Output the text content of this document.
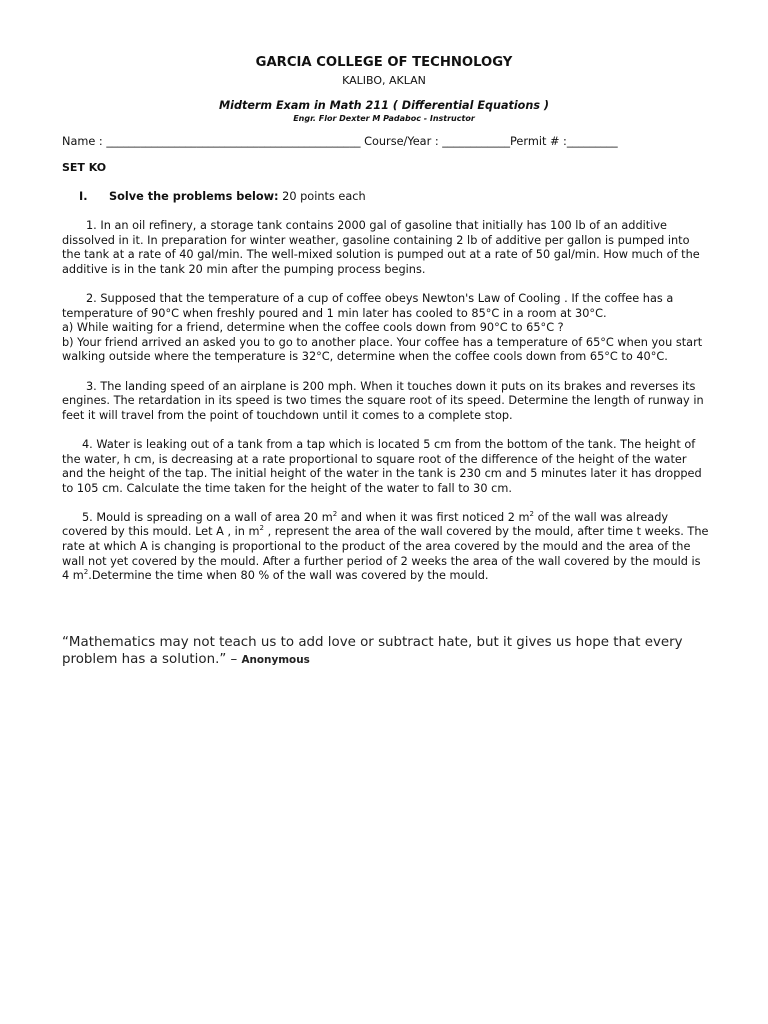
GARCIA COLLEGE OF TECHNOLOGY
KALIBO, AKLAN
Midterm Exam in Math 211 ( Differential Equations )
Engr. Flor Dexter M Padaboc - Instructor
Name : _____________________________________________ Course/Year : ____________Permit # :_________
SET KO
I. Solve the problems below: 20 points each

1. In an oil refinery, a storage tank contains 2000 gal of gasoline that initially has 100 lb of an additive dissolved in it. In preparation for winter weather, gasoline containing 2 lb of additive per gallon is pumped into the tank at a rate of 40 gal/min. The well-mixed solution is pumped out at a rate of 50 gal/min. How much of the additive is in the tank 20 min after the pumping process begins.

2. Supposed that the temperature of a cup of coffee obeys Newton's Law of Cooling . If the coffee has a temperature of 90°C when freshly poured and 1 min later has cooled to 85°C in a room at 30°C.

a) While waiting for a friend, determine when the coffee cools down from 90°C to 65°C ?

b) Your friend arrived an asked you to go to another place. Your coffee has a temperature of 65°C when you start walking outside where the temperature is 32°C, determine when the coffee cools down from 65°C to 40°C.

3. The landing speed of an airplane is 200 mph. When it touches down it puts on its brakes and reverses its engines. The retardation in its speed is two times the square root of its speed. Determine the length of runway in feet it will travel from the point of touchdown until it comes to a complete stop.

4. Water is leaking out of a tank from a tap which is located 5 cm from the bottom of the tank. The height of the water, h cm, is decreasing at a rate proportional to square root of the difference of the height of the water and the height of the tap. The initial height of the water in the tank is 230 cm and 5 minutes later it has dropped to 105 cm. Calculate the time taken for the height of the water to fall to 30 cm.

5. Mould is spreading on a wall of area 20 $m^2$ and when it was first noticed 2 $m^2$ of the wall was already covered by this mould. Let A , in $m^2$ , represent the area of the wall covered by the mould, after time t weeks. The rate at which A is changing is proportional to the product of the area covered by the mould and the area of the wall not yet covered by the mould. After a further period of 2 weeks the area of the wall covered by the mould is 4 $m^2.Determine$ the time when 80 % of the wall was covered by the mould.

“Mathematics may not teach us to add love or subtract hate, but it gives us hope that every problem has a solution.” – Anonymous
